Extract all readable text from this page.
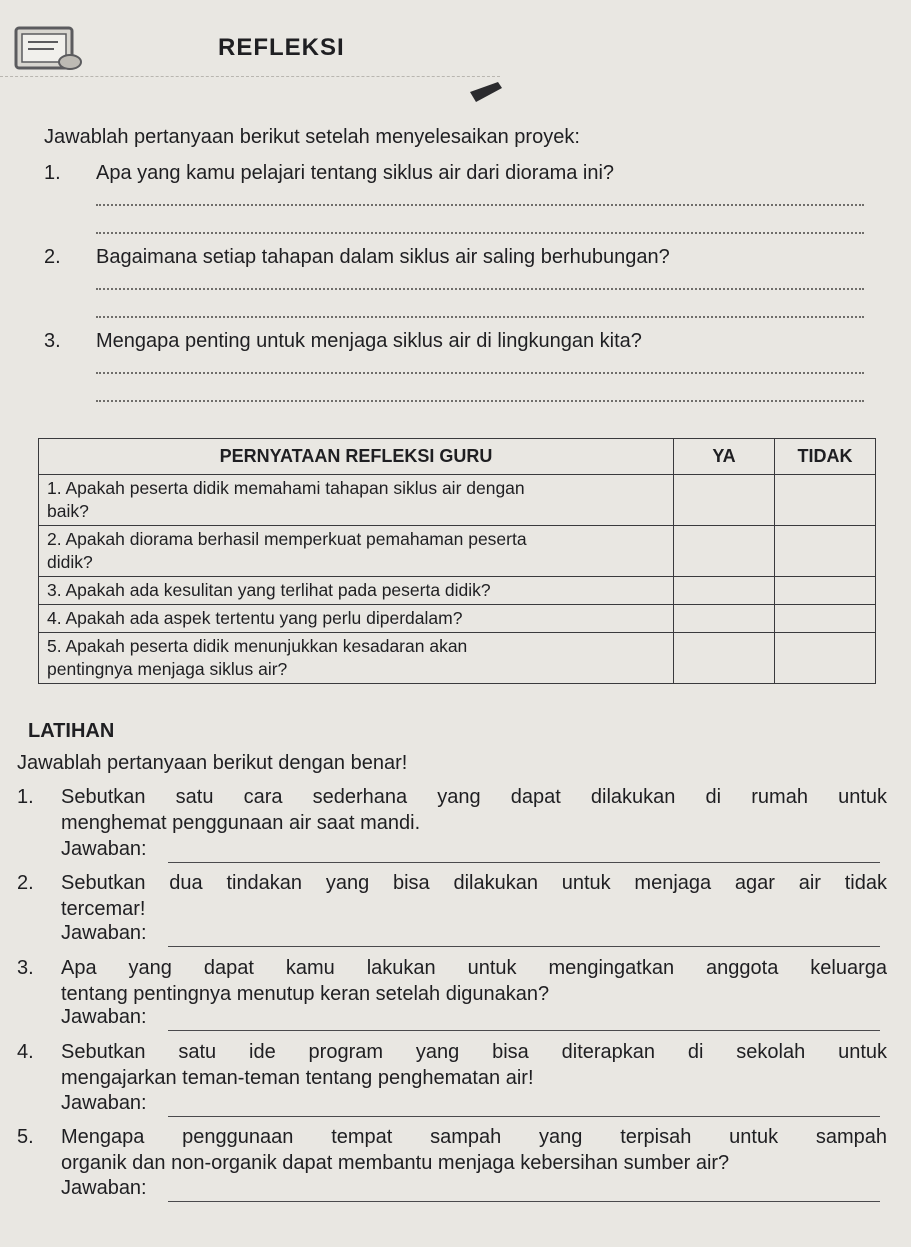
REFLEKSI
Jawablah pertanyaan berikut setelah menyelesaikan proyek:
1. Apa yang kamu pelajari tentang siklus air dari diorama ini?
2. Bagaimana setiap tahapan dalam siklus air saling berhubungan?
3. Mengapa penting untuk menjaga siklus air di lingkungan kita?
PERNYATAAN REFLEKSI GURU	YA	TIDAK
1. Apakah peserta didik memahami tahapan siklus air dengan
baik?		
2. Apakah diorama berhasil memperkuat pemahaman peserta
didik?		
3. Apakah ada kesulitan yang terlihat pada peserta didik?		
4. Apakah ada aspek tertentu yang perlu diperdalam?		
5. Apakah peserta didik menunjukkan kesadaran akan
pentingnya menjaga siklus air?		
LATIHAN
Jawablah pertanyaan berikut dengan benar!
1. Sebutkan satu cara sederhana yang dapat dilakukan di rumah untuk
menghemat penggunaan air saat mandi.
Jawaban:
2. Sebutkan dua tindakan yang bisa dilakukan untuk menjaga agar air tidak
tercemar!
Jawaban:
3. Apa yang dapat kamu lakukan untuk mengingatkan anggota keluarga
tentang pentingnya menutup keran setelah digunakan?
Jawaban:
4. Sebutkan satu ide program yang bisa diterapkan di sekolah untuk
mengajarkan teman-teman tentang penghematan air!
Jawaban:
5. Mengapa penggunaan tempat sampah yang terpisah untuk sampah
organik dan non-organik dapat membantu menjaga kebersihan sumber air?
Jawaban:
